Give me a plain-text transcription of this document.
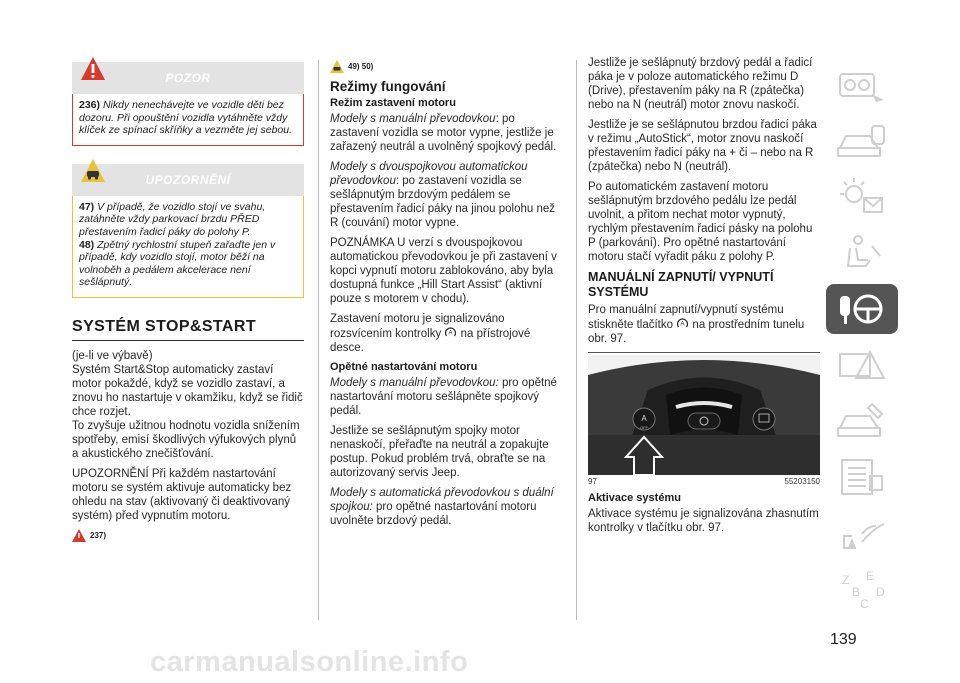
POZOR
236) Nikdy nenechávejte ve vozidle děti bez dozoru. Při opouštění vozidla vytáhněte vždy klíček ze spínací skříňky a vezměte jej sebou.
UPOZORNĚNÍ
47) V případě, že vozidlo stojí ve svahu, zatáhněte vždy parkovací brzdu PŘED přestavením řadicí páky do polohy P.
48) Zpětný rychlostní stupeň zařaďte jen v případě, kdy vozidlo stojí, motor běží na volnoběh a pedálem akcelerace není sešlápnutý.
SYSTÉM STOP&START

(je-li ve výbavě)

Systém Start&Stop automaticky zastaví motor pokaždé, když se vozidlo zastaví, a znovu ho nastartuje v okamžiku, když se řidič chce rozjet.

To zvyšuje užitnou hodnotu vozidla snížením spotřeby, emisí škodlivých výfukových plynů a akustického znečišťování.

UPOZORNĚNÍ Při každém nastartování motoru se systém aktivuje automaticky bez ohledu na stav (aktivovaný či deaktivovaný systém) před vypnutím motoru.

237)
49) 50)
Režimy fungování
Režim zastavení motoru

Modely s manuální převodovkou: po zastavení vozidla se motor vypne, jestliže je zařazený neutrál a uvolněný spojkový pedál.

Modely s dvouspojkovou automatickou převodovkou: po zastavení vozidla se sešlápnutým brzdovým pedálem se přestavením řadicí páky na jinou polohu než R (couvání) motor vypne.

POZNÁMKA U verzí s dvouspojkovou automatickou převodovkou je při zastavení v kopci vypnutí motoru zablokováno, aby byla dostupná funkce „Hill Start Assist“ (aktivní pouze s motorem v chodu).

Zastavení motoru je signalizováno rozsvícením kontrolky A na přístrojové desce.

Opětné nastartování motoru

Modely s manuální převodovkou: pro opětné nastartování motoru sešlápněte spojkový pedál.

Jestliže se sešlápnutým spojky motor nenaskočí, přeřaďte na neutrál a zopakujte postup. Pokud problém trvá, obraťte se na autorizovaný servis Jeep.

Modely s automatická převodovkou s duální spojkou: pro opětné nastartování motoru uvolněte brzdový pedál.

Jestliže je sešlápnutý brzdový pedál a řadicí páka je v poloze automatického režimu D (Drive), přestavením páky na R (zpátečka) nebo na N (neutrál) motor znovu naskočí.

Jestliže je se sešlápnutou brzdou řadicí páka v režimu „AutoStick“, motor znovu naskočí přestavením řadicí páky na + či – nebo na R (zpátečka) nebo N (neutrál).

Po automatickém zastavení motoru sešlápnutým brzdového pedálu lze pedál uvolnit, a přitom nechat motor vypnutý, rychlým přestavením řadicí pásky na polohu P (parkování). Pro opětné nastartování motoru stačí vyřadit páku z polohy P.

MANUÁLNÍ ZAPNUTÍ/ VYPNUTÍ SYSTÉMU

Pro manuální zapnutí/vypnutí systému stiskněte tlačítko A na prostředním tunelu obr. 97.

A
OFF
97	55203150
Aktivace systému

Aktivace systému je signalizována zhasnutím kontrolky v tlačítku obr. 97.

139
carmanualsonline.info
Z E
B D
C
